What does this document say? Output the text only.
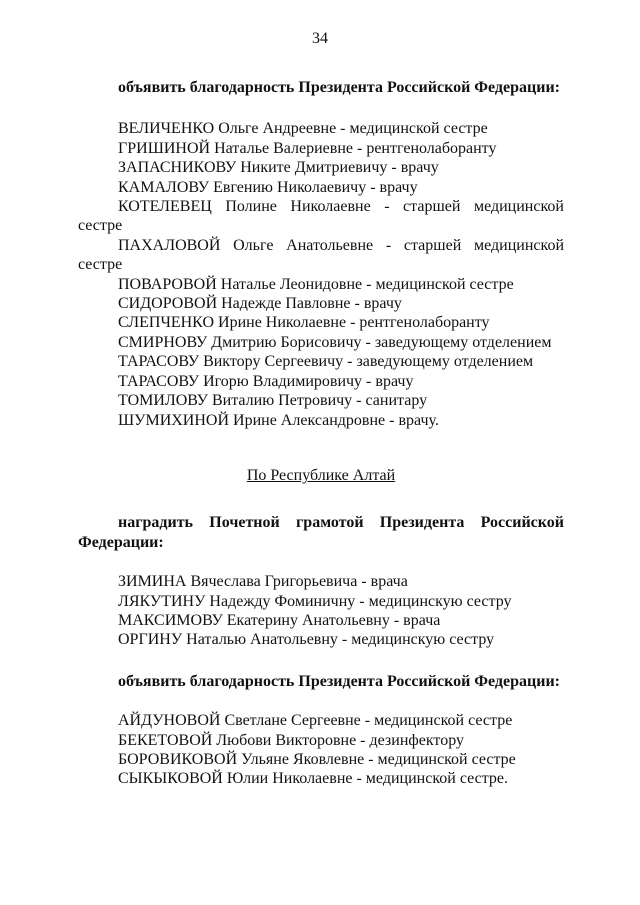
34

объявить благодарность Президента Российской Федерации:

ВЕЛИЧЕНКО Ольге Андреевне - медицинской сестре
ГРИШИНОЙ Наталье Валериевне - рентгенолаборанту
ЗАПАСНИКОВУ Никите Дмитриевичу - врачу
КАМАЛОВУ Евгению Николаевичу - врачу
КОТЕЛЕВЕЦ Полине Николаевне - старшей медицинской сестре
ПАХАЛОВОЙ Ольге Анатольевне - старшей медицинской сестре
ПОВАРОВОЙ Наталье Леонидовне - медицинской сестре
СИДОРОВОЙ Надежде Павловне - врачу
СЛЕПЧЕНКО Ирине Николаевне - рентгенолаборанту
СМИРНОВУ Дмитрию Борисовичу - заведующему отделением
ТАРАСОВУ Виктору Сергеевичу - заведующему отделением
ТАРАСОВУ Игорю Владимировичу - врачу
ТОМИЛОВУ Виталию Петровичу - санитару
ШУМИХИНОЙ Ирине Александровне - врачу.

По Республике Алтай

наградить Почетной грамотой Президента Российской Федерации:

ЗИМИНА Вячеслава Григорьевича - врача
ЛЯКУТИНУ Надежду Фоминичну - медицинскую сестру
МАКСИМОВУ Екатерину Анатольевну - врача
ОРГИНУ Наталью Анатольевну - медицинскую сестру

объявить благодарность Президента Российской Федерации:

АЙДУНОВОЙ Светлане Сергеевне - медицинской сестре
БЕКЕТОВОЙ Любови Викторовне - дезинфектору
БОРОВИКОВОЙ Ульяне Яковлевне - медицинской сестре
СЫКЫКОВОЙ Юлии Николаевне - медицинской сестре.
